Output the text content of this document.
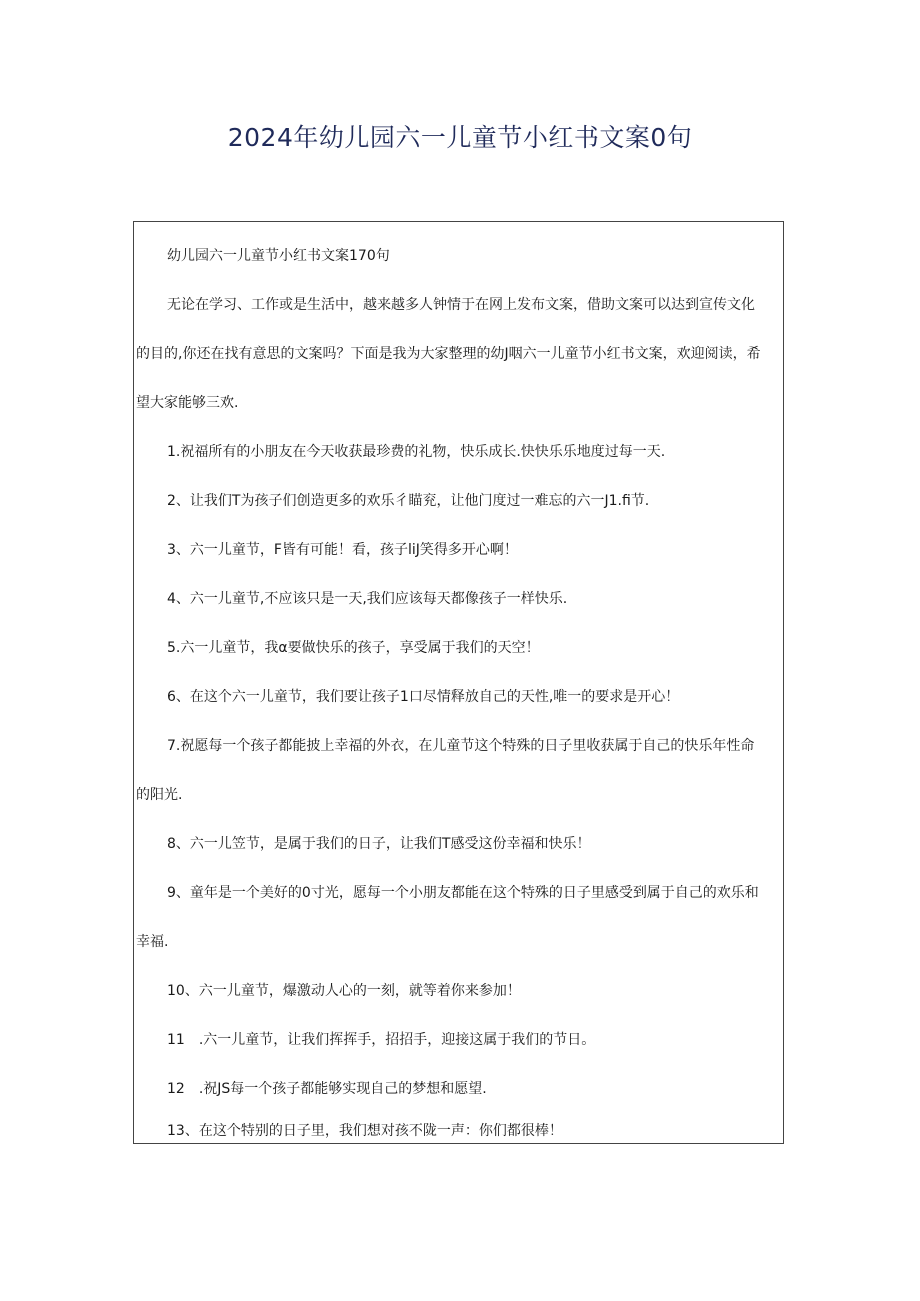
2024年幼儿园六一儿童节小红书文案0句

幼儿园六一儿童节小红书文案170句

无论在学习、工作或是生活中，越来越多人钟情于在网上发布文案，借助文案可以达到宣传文化

的目的,你还在找有意思的文案吗？下面是我为大家整理的幼J咽六一儿童节小红书文案，欢迎阅读，希

望大家能够三欢.

1.祝福所有的小朋友在今天收获最珍费的礼物，快乐成长.快快乐乐地度过每一天.

2、让我们T为孩子们创造更多的欢乐彳瞄兖，让他门度过一难忘的六一J1.fi节.

3、六一儿童节，F皆有可能！看，孩子liJ笑得多开心啊！

4、六一儿童节,不应该只是一天,我们应该每天都像孩子一样快乐.

5.六一儿童节，我α要做快乐的孩子，享受属于我们的天空！

6、在这个六一儿童节，我们要让孩子1口尽情释放自己的天性,唯一的要求是开心！

7.祝愿每一个孩子都能披上幸福的外衣，在儿童节这个特殊的日子里收获属于自己的快乐年性命

的阳光.

8、六一儿笠节，是属于我们的日子，让我们T感受这份幸福和快乐！

9、童年是一个美好的0寸光，愿每一个小朋友都能在这个特殊的日子里感受到属于自己的欢乐和

幸福.

10、六一儿童节，爆激动人心的一刻，就等着你来参加！

11　.六一儿童节，让我们挥挥手，招招手，迎接这属于我们的节日。

12　.祝JS每一个孩子都能够实现自己的梦想和愿望.

13、在这个特别的日子里，我们想对孩不陇一声：你们都很棒！
